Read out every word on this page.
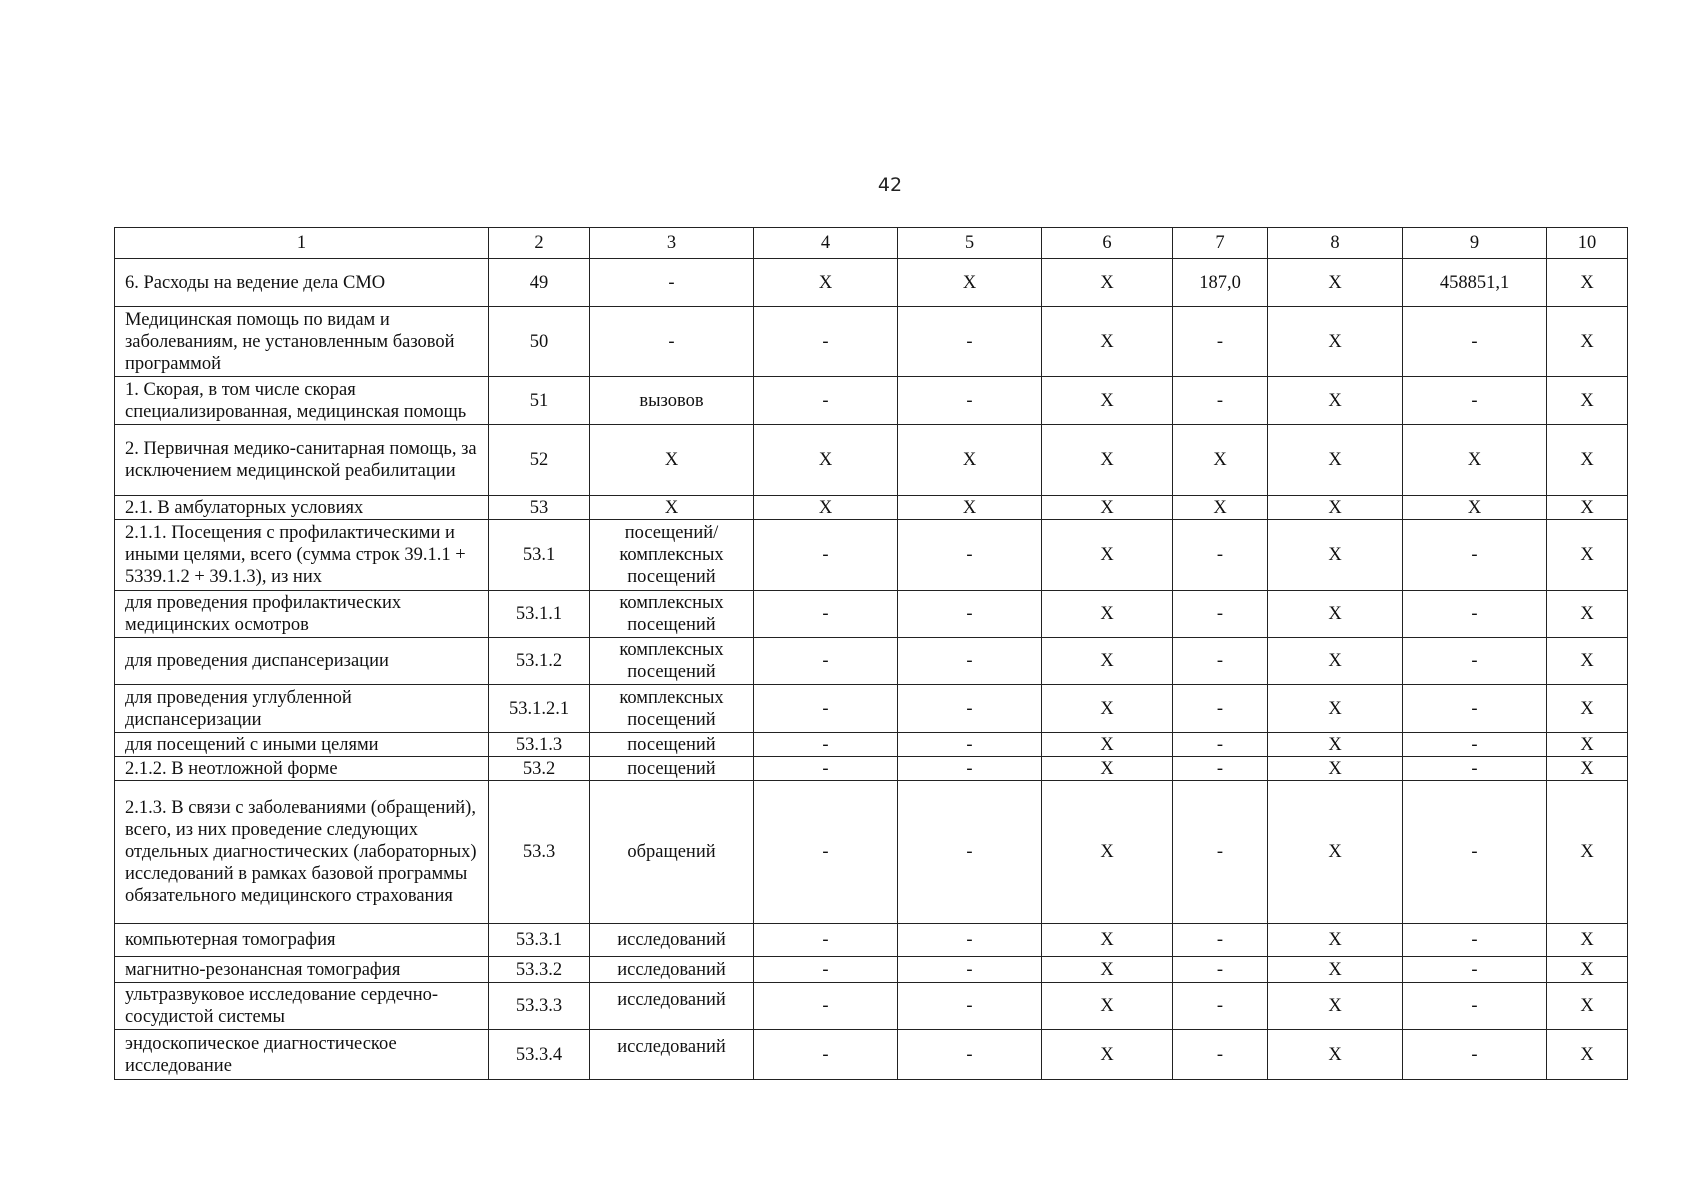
42
1	2	3	4	5	6	7	8	9	10
6. Расходы на ведение дела СМО	49	-	X	X	X	187,0	X	458851,1	X
Медицинская помощь по видам и заболеваниям, не установленным базовой программой	50	-	-	-	X	-	X	-	X
1. Скорая, в том числе скорая специализированная, медицинская помощь	51	вызовов	-	-	X	-	X	-	X
2. Первичная медико-санитарная помощь, за исключением медицинской реабилитации	52	X	X	X	X	X	X	X	X
2.1. В амбулаторных условиях	53	X	X	X	X	X	X	X	X
2.1.1. Посещения с профилактическими и иными целями, всего (сумма строк 39.1.1 + 5339.1.2 + 39.1.3), из них	53.1	посещений/комплексных посещений	-	-	X	-	X	-	X
для проведения профилактических медицинских осмотров	53.1.1	комплексных посещений	-	-	X	-	X	-	X
для проведения диспансеризации	53.1.2	комплексных посещений	-	-	X	-	X	-	X
для проведения углубленной диспансеризации	53.1.2.1	комплексных посещений	-	-	X	-	X	-	X
для посещений с иными целями	53.1.3	посещений	-	-	X	-	X	-	X
2.1.2. В неотложной форме	53.2	посещений	-	-	X	-	X	-	X
2.1.3. В связи с заболеваниями (обращений), всего, из них проведение следующих отдельных диагностических (лабораторных) исследований в рамках базовой программы обязательного медицинского страхования	53.3	обращений	-	-	X	-	X	-	X
компьютерная томография	53.3.1	исследований	-	-	X	-	X	-	X
магнитно-резонансная томография	53.3.2	исследований	-	-	X	-	X	-	X
ультразвуковое исследование сердечно-сосудистой системы	53.3.3	исследований	-	-	X	-	X	-	X
эндоскопическое диагностическое исследование	53.3.4	исследований	-	-	X	-	X	-	X
